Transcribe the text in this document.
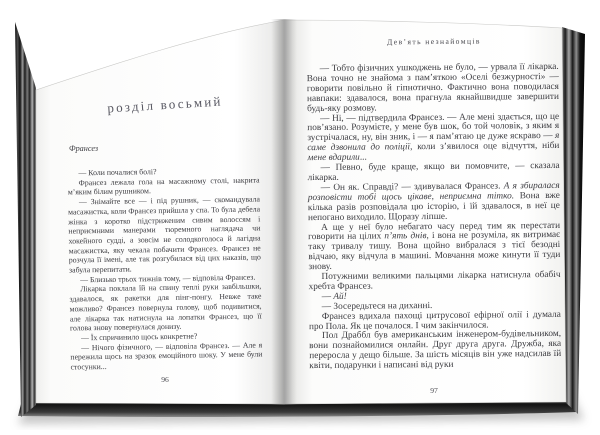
розділ восьмий
Франсез

— Коли почалися болі?

Франсез лежала гола на масажному столі, накрита м’яким білим рушником.

— Знімайте все — і під рушник, — скомандувала масажистка, коли Франсез прийшла у спа. То була дебела жінка з коротко підстриженим сивим волоссям і неприємними манерами тюремного наглядача чи хокейного судді, а зовсім не солодкоголоса й лагідна масажистка, яку чекала побачити Франсез. Франсез не розчула її імені, але так розгубилася від цих наказів, що забула перепитати.

— Близько трьох тижнів тому, — відповіла Франсез.

Лікарка поклала їй на спину теплі руки завбільшки, здавалося, як ракетки для пінг-понгу. Невже таке можливо? Франсез повернула голову, щоб подивитися, але лікарка так натиснула на лопатки Франсез, що її голова знову повернулася донизу.

— Їх спричинило щось конкретне?

— Нічого фізичного, — відповіла Франсез. — Але я пережила щось на зразок емоційного шоку. У мене були стосунки...

96
Дев’ять незнайомців

— Тобто фізичних ушкоджень не було, — урвала її лікарка. Вона точно не знайома з пам’яткою «Оселі безжурності» — говорити повільно й гіпнотично. Фактично вона поводилася навпаки: здавалося, вона прагнула якнайшвидше завершити будь-яку розмову.

— Ні, — підтвердила Франсез. — Але мені здається, що це пов’язано. Розумієте, у мене був шок, бо той чоловік, з яким я зустрічалася, ну, він зник, і — я пам’ятаю це дуже яскраво — я саме дзвонила до поліції, коли з’явилося оце відчуття, ніби мене вдарили...

— Певно, буде краще, якщо ви помовчите, — сказала лікарка.

— Он як. Справді? — здивувалася Франсез. А я збиралася розповісти тобі щось цікаве, неприємна тітко. Вона вже кілька разів розповідала цю історію, і їй здавалося, в неї це непогано виходило. Щоразу ліпше.

А ще у неї було небагато часу перед тим як перестати говорити на цілих п’ять днів, і вона не розуміла, як витримає таку тривалу тишу. Вона щойно вибралася з тієї безодні відчаю, яку відчула в машині. Мовчання може кинути її туди знову.

Потужними великими пальцями лікарка натиснула обабіч хребта Франсез.

— Ай!

— Зосередьтеся на диханні.

Франсез вдихала пахощі цитрусової ефірної олії і думала про Пола. Як це почалося. І чим закінчилося.

Пол Драббл був американським інженером-будівельником, вони познайомилися онлайн. Друг друга друга. Дружба, яка переросла у дещо більше. За шість місяців він уже надсилав їй квіти, подарунки і написані від руки

97
